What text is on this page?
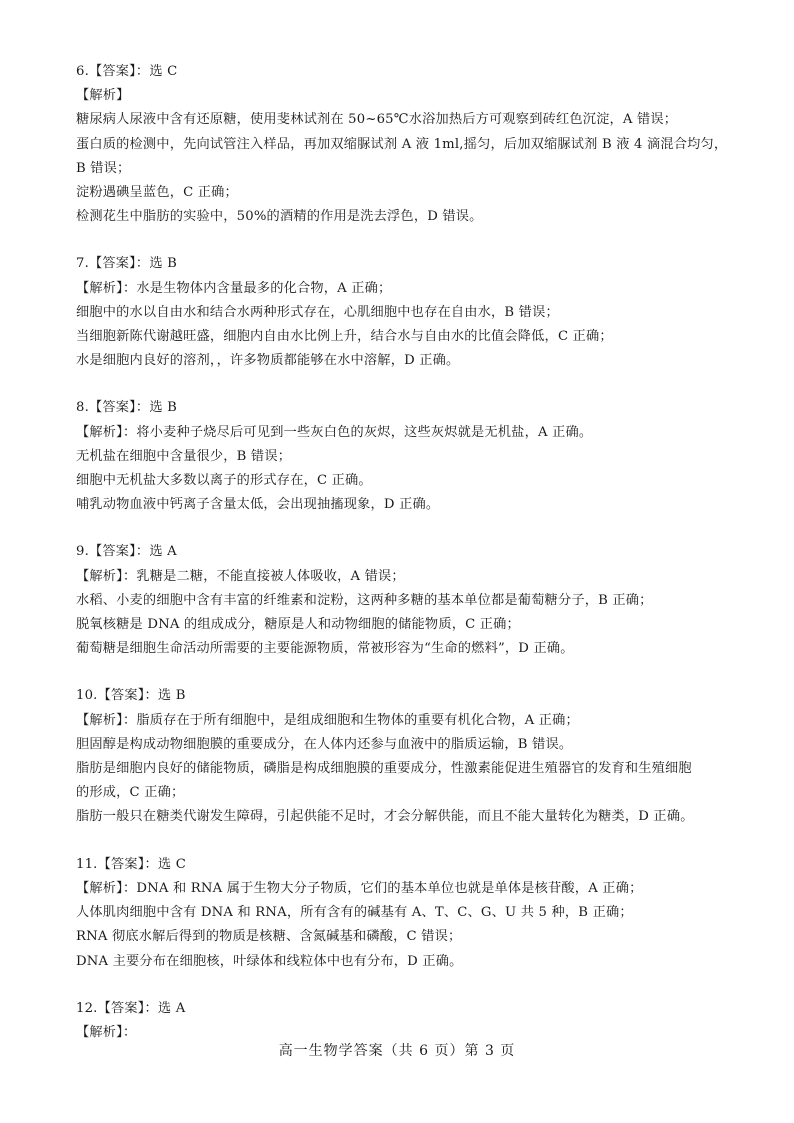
6.【答案】：选 C
【解析】
糖尿病人尿液中含有还原糖，使用斐林试剂在 50~65℃水浴加热后方可观察到砖红色沉淀，A 错误；
蛋白质的检测中，先向试管注入样品，再加双缩脲试剂 A 液 1ml,摇匀，后加双缩脲试剂 B 液 4 滴混合均匀，
B 错误；
淀粉遇碘呈蓝色，C 正确；
检测花生中脂肪的实验中，50%的酒精的作用是洗去浮色，D 错误。
7.【答案】：选 B
【解析】：水是生物体内含量最多的化合物，A 正确；
细胞中的水以自由水和结合水两种形式存在，心肌细胞中也存在自由水，B 错误；
当细胞新陈代谢越旺盛，细胞内自由水比例上升，结合水与自由水的比值会降低，C 正确；
水是细胞内良好的溶剂，，许多物质都能够在水中溶解，D 正确。
8.【答案】：选 B
【解析】：将小麦种子烧尽后可见到一些灰白色的灰烬，这些灰烬就是无机盐，A 正确。
无机盐在细胞中含量很少，B 错误；
细胞中无机盐大多数以离子的形式存在，C 正确。
哺乳动物血液中钙离子含量太低，会出现抽搐现象，D 正确。
9.【答案】：选 A
【解析】：乳糖是二糖，不能直接被人体吸收，A 错误；
水稻、小麦的细胞中含有丰富的纤维素和淀粉，这两种多糖的基本单位都是葡萄糖分子，B 正确；
脱氧核糖是 DNA 的组成成分，糖原是人和动物细胞的储能物质，C 正确；
葡萄糖是细胞生命活动所需要的主要能源物质，常被形容为“生命的燃料”，D 正确。
10.【答案】：选 B
【解析】：脂质存在于所有细胞中，是组成细胞和生物体的重要有机化合物，A 正确；
胆固醇是构成动物细胞膜的重要成分，在人体内还参与血液中的脂质运输，B 错误。
脂肪是细胞内良好的储能物质，磷脂是构成细胞膜的重要成分，性激素能促进生殖器官的发育和生殖细胞
的形成，C 正确；
脂肪一般只在糖类代谢发生障碍，引起供能不足时，才会分解供能，而且不能大量转化为糖类，D 正确。
11.【答案】：选 C
【解析】：DNA 和 RNA 属于生物大分子物质，它们的基本单位也就是单体是核苷酸，A 正确；
人体肌肉细胞中含有 DNA 和 RNA，所有含有的碱基有 A、T、C、G、U 共 5 种，B 正确；
RNA 彻底水解后得到的物质是核糖、含氮碱基和磷酸，C 错误；
DNA 主要分布在细胞核，叶绿体和线粒体中也有分布，D 正确。
12.【答案】：选 A
【解析】：
高一生物学答案（共 6 页）第 3 页
